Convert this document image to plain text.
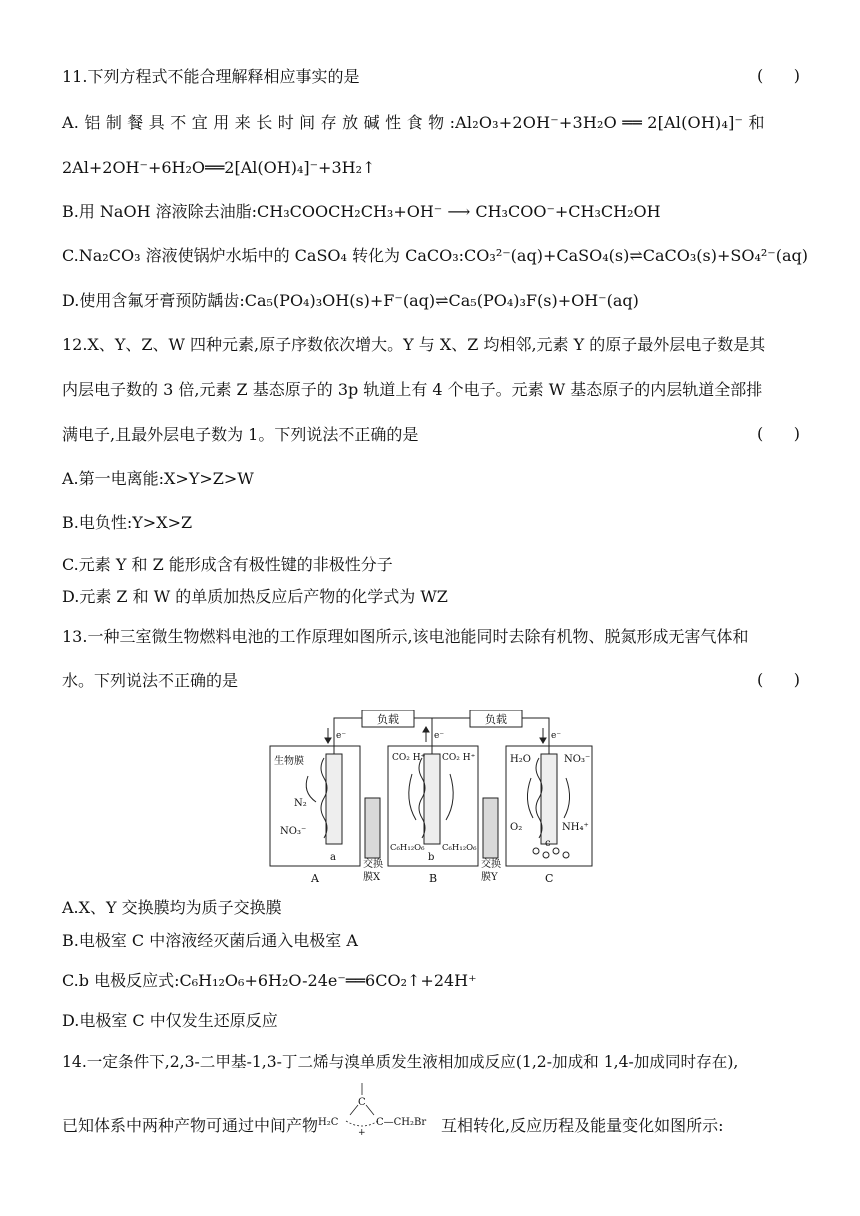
11.下列方程式不能合理解释相应事实的是	(      )
A. 铝 制 餐 具 不 宜 用 来 长 时 间 存 放 碱 性 食 物 :Al₂O₃+2OH⁻+3H₂O ══ 2[Al(OH)₄]⁻ 和
2Al+2OH⁻+6H₂O══2[Al(OH)₄]⁻+3H₂↑
B.用 NaOH 溶液除去油脂:CH₃COOCH₂CH₃+OH⁻ ⟶ CH₃COO⁻+CH₃CH₂OH
C.Na₂CO₃ 溶液使锅炉水垢中的 CaSO₄ 转化为 CaCO₃:CO₃²⁻(aq)+CaSO₄(s)⇌CaCO₃(s)+SO₄²⁻(aq)
D.使用含氟牙膏预防龋齿:Ca₅(PO₄)₃OH(s)+F⁻(aq)⇌Ca₅(PO₄)₃F(s)+OH⁻(aq)
12.X、Y、Z、W 四种元素,原子序数依次增大。Y 与 X、Z 均相邻,元素 Y 的原子最外层电子数是其
内层电子数的 3 倍,元素 Z 基态原子的 3p 轨道上有 4 个电子。元素 W 基态原子的内层轨道全部排
满电子,且最外层电子数为 1。下列说法不正确的是	(      )
A.第一电离能:X>Y>Z>W
B.电负性:Y>X>Z
C.元素 Y 和 Z 能形成含有极性键的非极性分子
D.元素 Z 和 W 的单质加热反应后产物的化学式为 WZ
13.一种三室微生物燃料电池的工作原理如图所示,该电池能同时去除有机物、脱氮形成无害气体和
水。下列说法不正确的是	(      )
负载	负载
e⁻	e⁻	e⁻
生物膜
N₂
NO₃⁻
CO₂ H⁺ CO₂ H⁺
C₆H₁₂O₆ C₆H₁₂O₆
H₂O	NO₃⁻
O₂	NH₄⁺
a	b
c
交换
膜X
交换
膜Y
A	B	C
A.X、Y 交换膜均为质子交换膜
B.电极室 C 中溶液经灭菌后通入电极室 A
C.b 电极反应式:C₆H₁₂O₆+6H₂O-24e⁻══6CO₂↑+24H⁺
D.电极室 C 中仅发生还原反应
14.一定条件下,2,3-二甲基-1,3-丁二烯与溴单质发生液相加成反应(1,2-加成和 1,4-加成同时存在),
已知体系中两种产物可通过中间产物
C
H₂C	C—CH₂Br
+	互相转化,反应历程及能量变化如图所示:
